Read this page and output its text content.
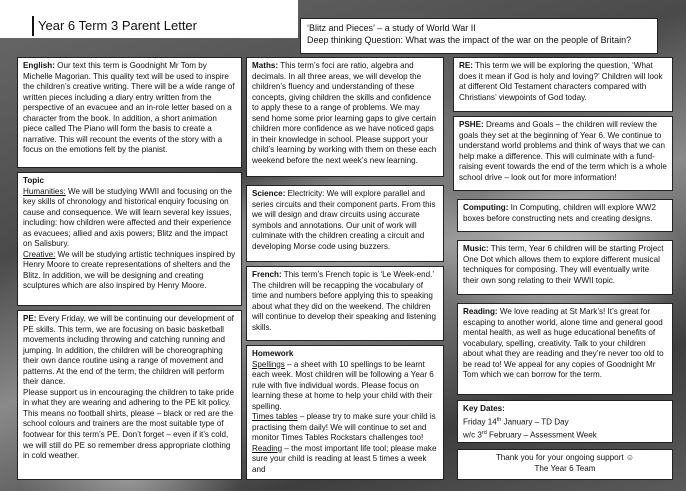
Year 6 Term 3 Parent Letter	‘Blitz and Pieces’ – a study of World War II

Deep thinking Question: What was the impact of the war on the people of Britain?

English: Our text this term is Goodnight Mr Tom by Michelle Magorian. This quality text will be used to inspire the children’s creative writing. There will be a wide range of written pieces including a diary entry written from the perspective of an evacuee and an in-role letter based on a character from the book. In addition, a short animation piece called The Piano will form the basis to create a narrative. This will recount the events of the story with a focus on the emotions felt by the pianist.

Topic

Humanities: We will be studying WWII and focusing on the key skills of chronology and historical enquiry focusing on cause and consequence. We will learn several key issues, including: how children were affected and their experience as evacuees; allied and axis powers; Blitz and the impact on Salisbury.

Creative: We will be studying artistic techniques inspired by Henry Moore to create representations of shelters and the Blitz. In addition, we will be designing and creating sculptures which are also inspired by Henry Moore.

PE: Every Friday, we will be continuing our development of PE skills. This term, we are focusing on basic basketball movements including throwing and catching running and jumping. In addition, the children will be choreographing their own dance routine using a range of movement and patterns. At the end of the term, the children will perform their dance.

Please support us in encouraging the children to take pride in what they are wearing and adhering to the PE kit policy. This means no football shirts, please – black or red are the school colours and trainers are the most suitable type of footwear for this term’s PE. Don’t forget – even if it’s cold, we will still do PE so remember dress appropriate clothing in cold weather.

Maths: This term’s foci are ratio, algebra and decimals. In all three areas, we will develop the children’s fluency and understanding of these concepts, giving children the skills and confidence to apply these to a range of problems. We may send home some prior learning gaps to give certain children more confidence as we have noticed gaps in their knowledge in school. Please support your child’s learning by working with them on these each weekend before the next week’s new learning.

Science: Electricity: We will explore parallel and series circuits and their component parts. From this we will design and draw circuits using accurate symbols and annotations. Our unit of work will culminate with the children creating a circuit and developing Morse code using buzzers.

French: This term’s French topic is ‘Le Week-end.’ The children will be recapping the vocabulary of time and numbers before applying this to speaking about what they did on the weekend. The children will continue to develop their speaking and listening skills.

Homework

Spellings – a sheet with 10 spellings to be learnt each week. Most children will be following a Year 6 rule with five individual words. Please focus on learning these at home to help your child with their spelling.

Times tables – please try to make sure your child is practising them daily! We will continue to set and monitor Times Tables Rockstars challenges too!

Reading – the most important life tool; please make sure your child is reading at least 5 times a week and

RE: This term we will be exploring the question, ‘What does it mean if God is holy and loving?’ Children will look at different Old Testament characters compared with Christians’ viewpoints of God today.

PSHE: Dreams and Goals – the children will review the goals they set at the beginning of Year 6. We continue to understand world problems and think of ways that we can help make a difference. This will culminate with a fund-raising event towards the end of the term which is a whole school drive – look out for more information!

Computing: In Computing, children will explore WW2 boxes before constructing nets and creating designs.

Music: This term, Year 6 children will be starting Project One Dot which allows them to explore different musical techniques for composing. They will eventually write their own song relating to their WWII topic.

Reading: We love reading at St Mark’s! It’s great for escaping to another world, alone time and general good mental health, as well as huge educational benefits of vocabulary, spelling, creativity. Talk to your children about what they are reading and they’re never too old to be read to! We appeal for any copies of Goodnight Mr Tom which we can borrow for the term.

Key Dates:

Friday 14th January – TD Day

w/c 3rd February – Assessment Week

Thank you for your ongoing support ☺

The Year 6 Team
